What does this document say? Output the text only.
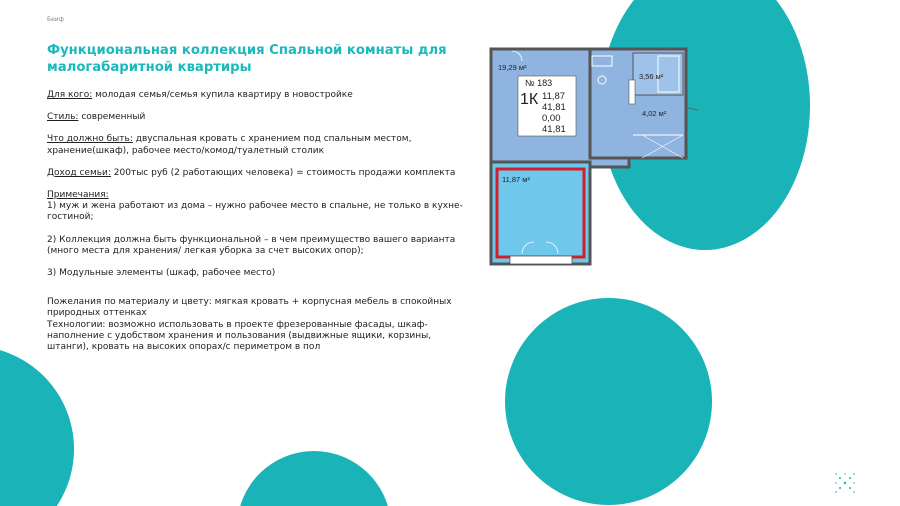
Беиф
Функциональная коллекция Спальной комнаты для малогабаритной квартиры

Для кого: молодая семья/семья купила квартиру в новостройке

Стиль: современный

Что должно быть: двуспальная кровать с хранением под спальным местом, хранение(шкаф), рабочее место/комод/туалетный столик

Доход семьи: 200тыс руб (2 работающих человека) = стоимость продажи комплекта

Примечания:
1) муж и жена работают из дома – нужно рабочее место в спальне, не только в кухне-гостиной;
2) Коллекция должна быть функциональной – в чем преимущество вашего варианта (много места для хранения/ легкая уборка за счет высоких опор);
3) Модульные элементы (шкаф, рабочее место)
Пожелания по материалу и цвету: мягкая кровать + корпусная мебель в спокойных природных оттенках
Технологии: возможно использовать в проекте фрезерованные фасады, шкаф-наполнение с удобством хранения и пользования (выдвижные ящики, корзины, штанги), кровать на высоких опорах/с периметром в пол
№ 183
1К 11,87
41,81
0,00
41,81
19,29 м²
3,56 м²
4,02 м²
11,87 м²
